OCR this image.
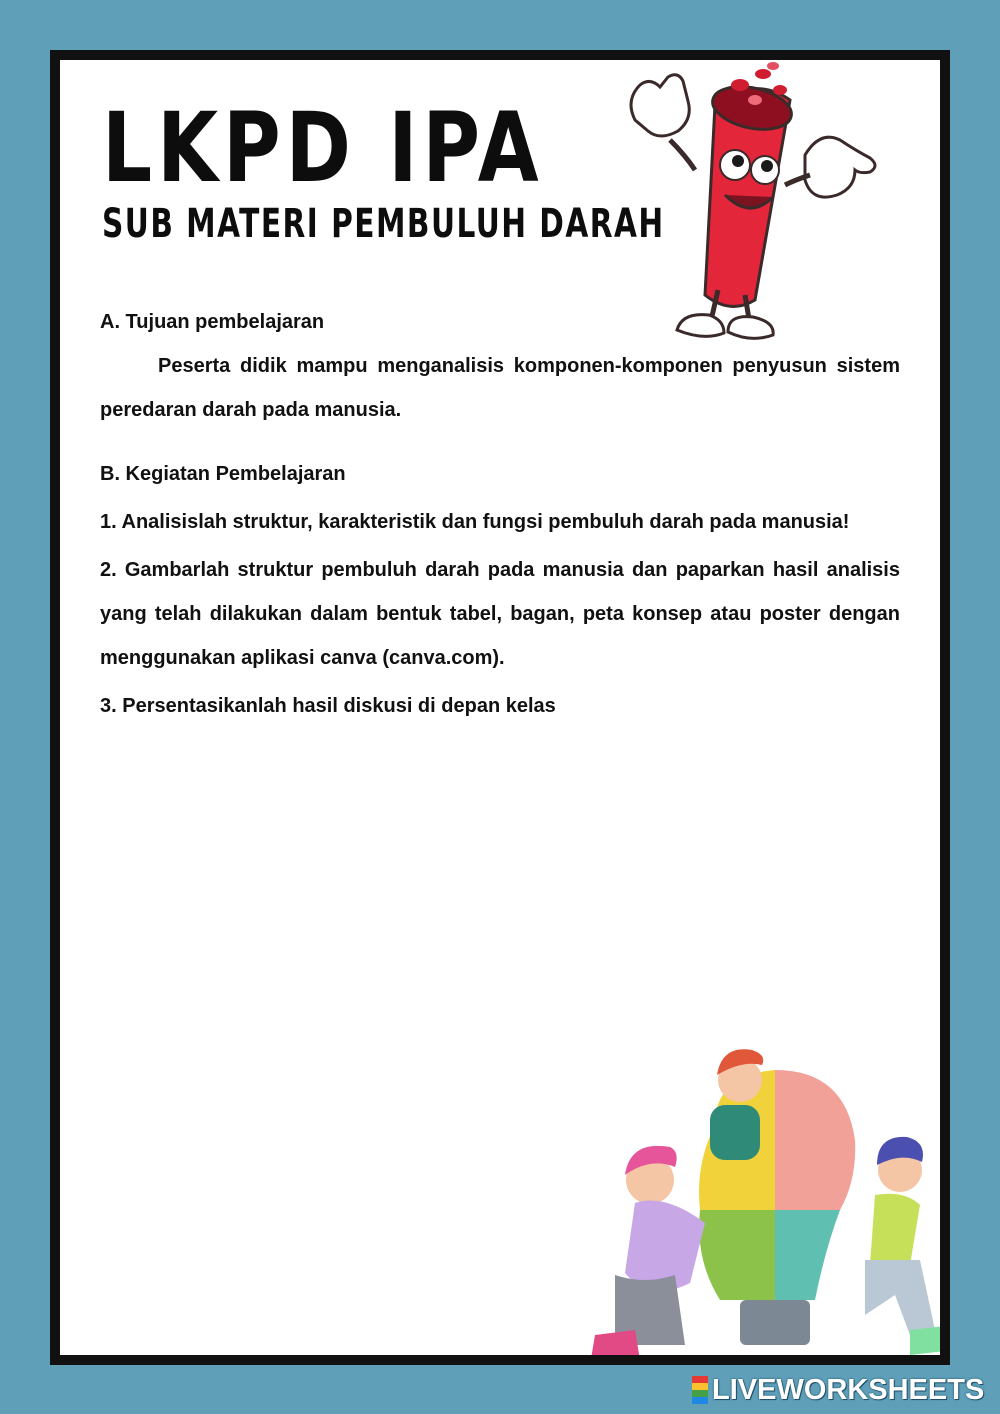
LKPD IPA
SUB MATERI PEMBULUH DARAH

A. Tujuan pembelajaran

Peserta didik mampu menganalisis komponen-komponen penyusun sistem peredaran darah pada manusia.

B. Kegiatan Pembelajaran

1. Analisislah struktur, karakteristik dan fungsi pembuluh darah pada manusia!

2. Gambarlah struktur pembuluh darah pada manusia dan paparkan hasil analisis yang telah dilakukan dalam bentuk tabel, bagan, peta konsep atau poster dengan menggunakan aplikasi canva (canva.com).

3. Persentasikanlah hasil diskusi di depan kelas

LIVEWORKSHEETS
